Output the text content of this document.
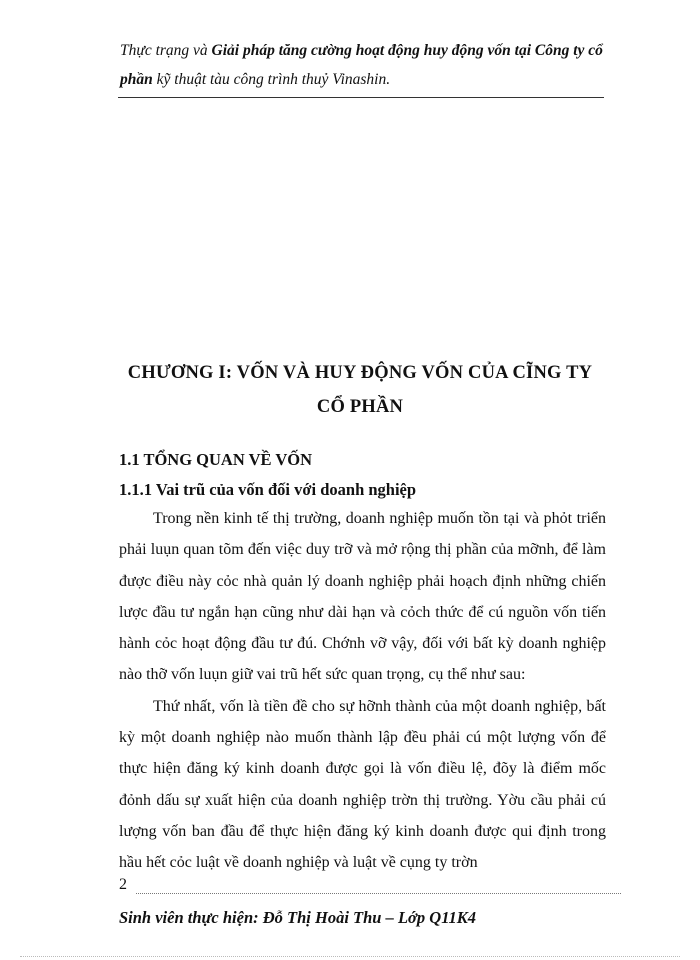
Thực trạng và Giải pháp tăng cường hoạt động huy động vốn tại Công ty cổ phần kỹ thuật tàu công trình thuỷ Vinashin.
CHƯƠNG I: VỐN VÀ HUY ĐỘNG VỐN CỦA CĨNG TY
CỔ PHẦN
1.1 TỔNG QUAN VỀ VỐN
1.1.1 Vai trũ của vốn đối với doanh nghiệp

Trong nền kinh tế thị trường, doanh nghiệp muốn tồn tại và phỏt triển phải luụn quan tõm đến việc duy trỡ và mở rộng thị phần của mỡnh, để làm được điều này cỏc nhà quản lý doanh nghiệp phải hoạch định những chiến lược đầu tư ngắn hạn cũng như dài hạn và cỏch thức để cú nguồn vốn tiến hành cỏc hoạt động đầu tư đú. Chớnh vỡ vậy, đối với bất kỳ doanh nghiệp nào thỡ vốn luụn giữ vai trũ hết sức quan trọng, cụ thể như sau:

Thứ nhất, vốn là tiền đề cho sự hỡnh thành của một doanh nghiệp, bất kỳ một doanh nghiệp nào muốn thành lập đều phải cú một lượng vốn để thực hiện đăng ký kinh doanh được gọi là vốn điều lệ, đõy là điểm mốc đỏnh dấu sự xuất hiện của doanh nghiệp trờn thị trường. Yờu cầu phải cú lượng vốn ban đầu để thực hiện đăng ký kinh doanh được qui định trong hầu hết cỏc luật về doanh nghiệp và luật về cụng ty trờn

2
Sinh viên thực hiện: Đỗ Thị Hoài Thu – Lớp Q11K4
